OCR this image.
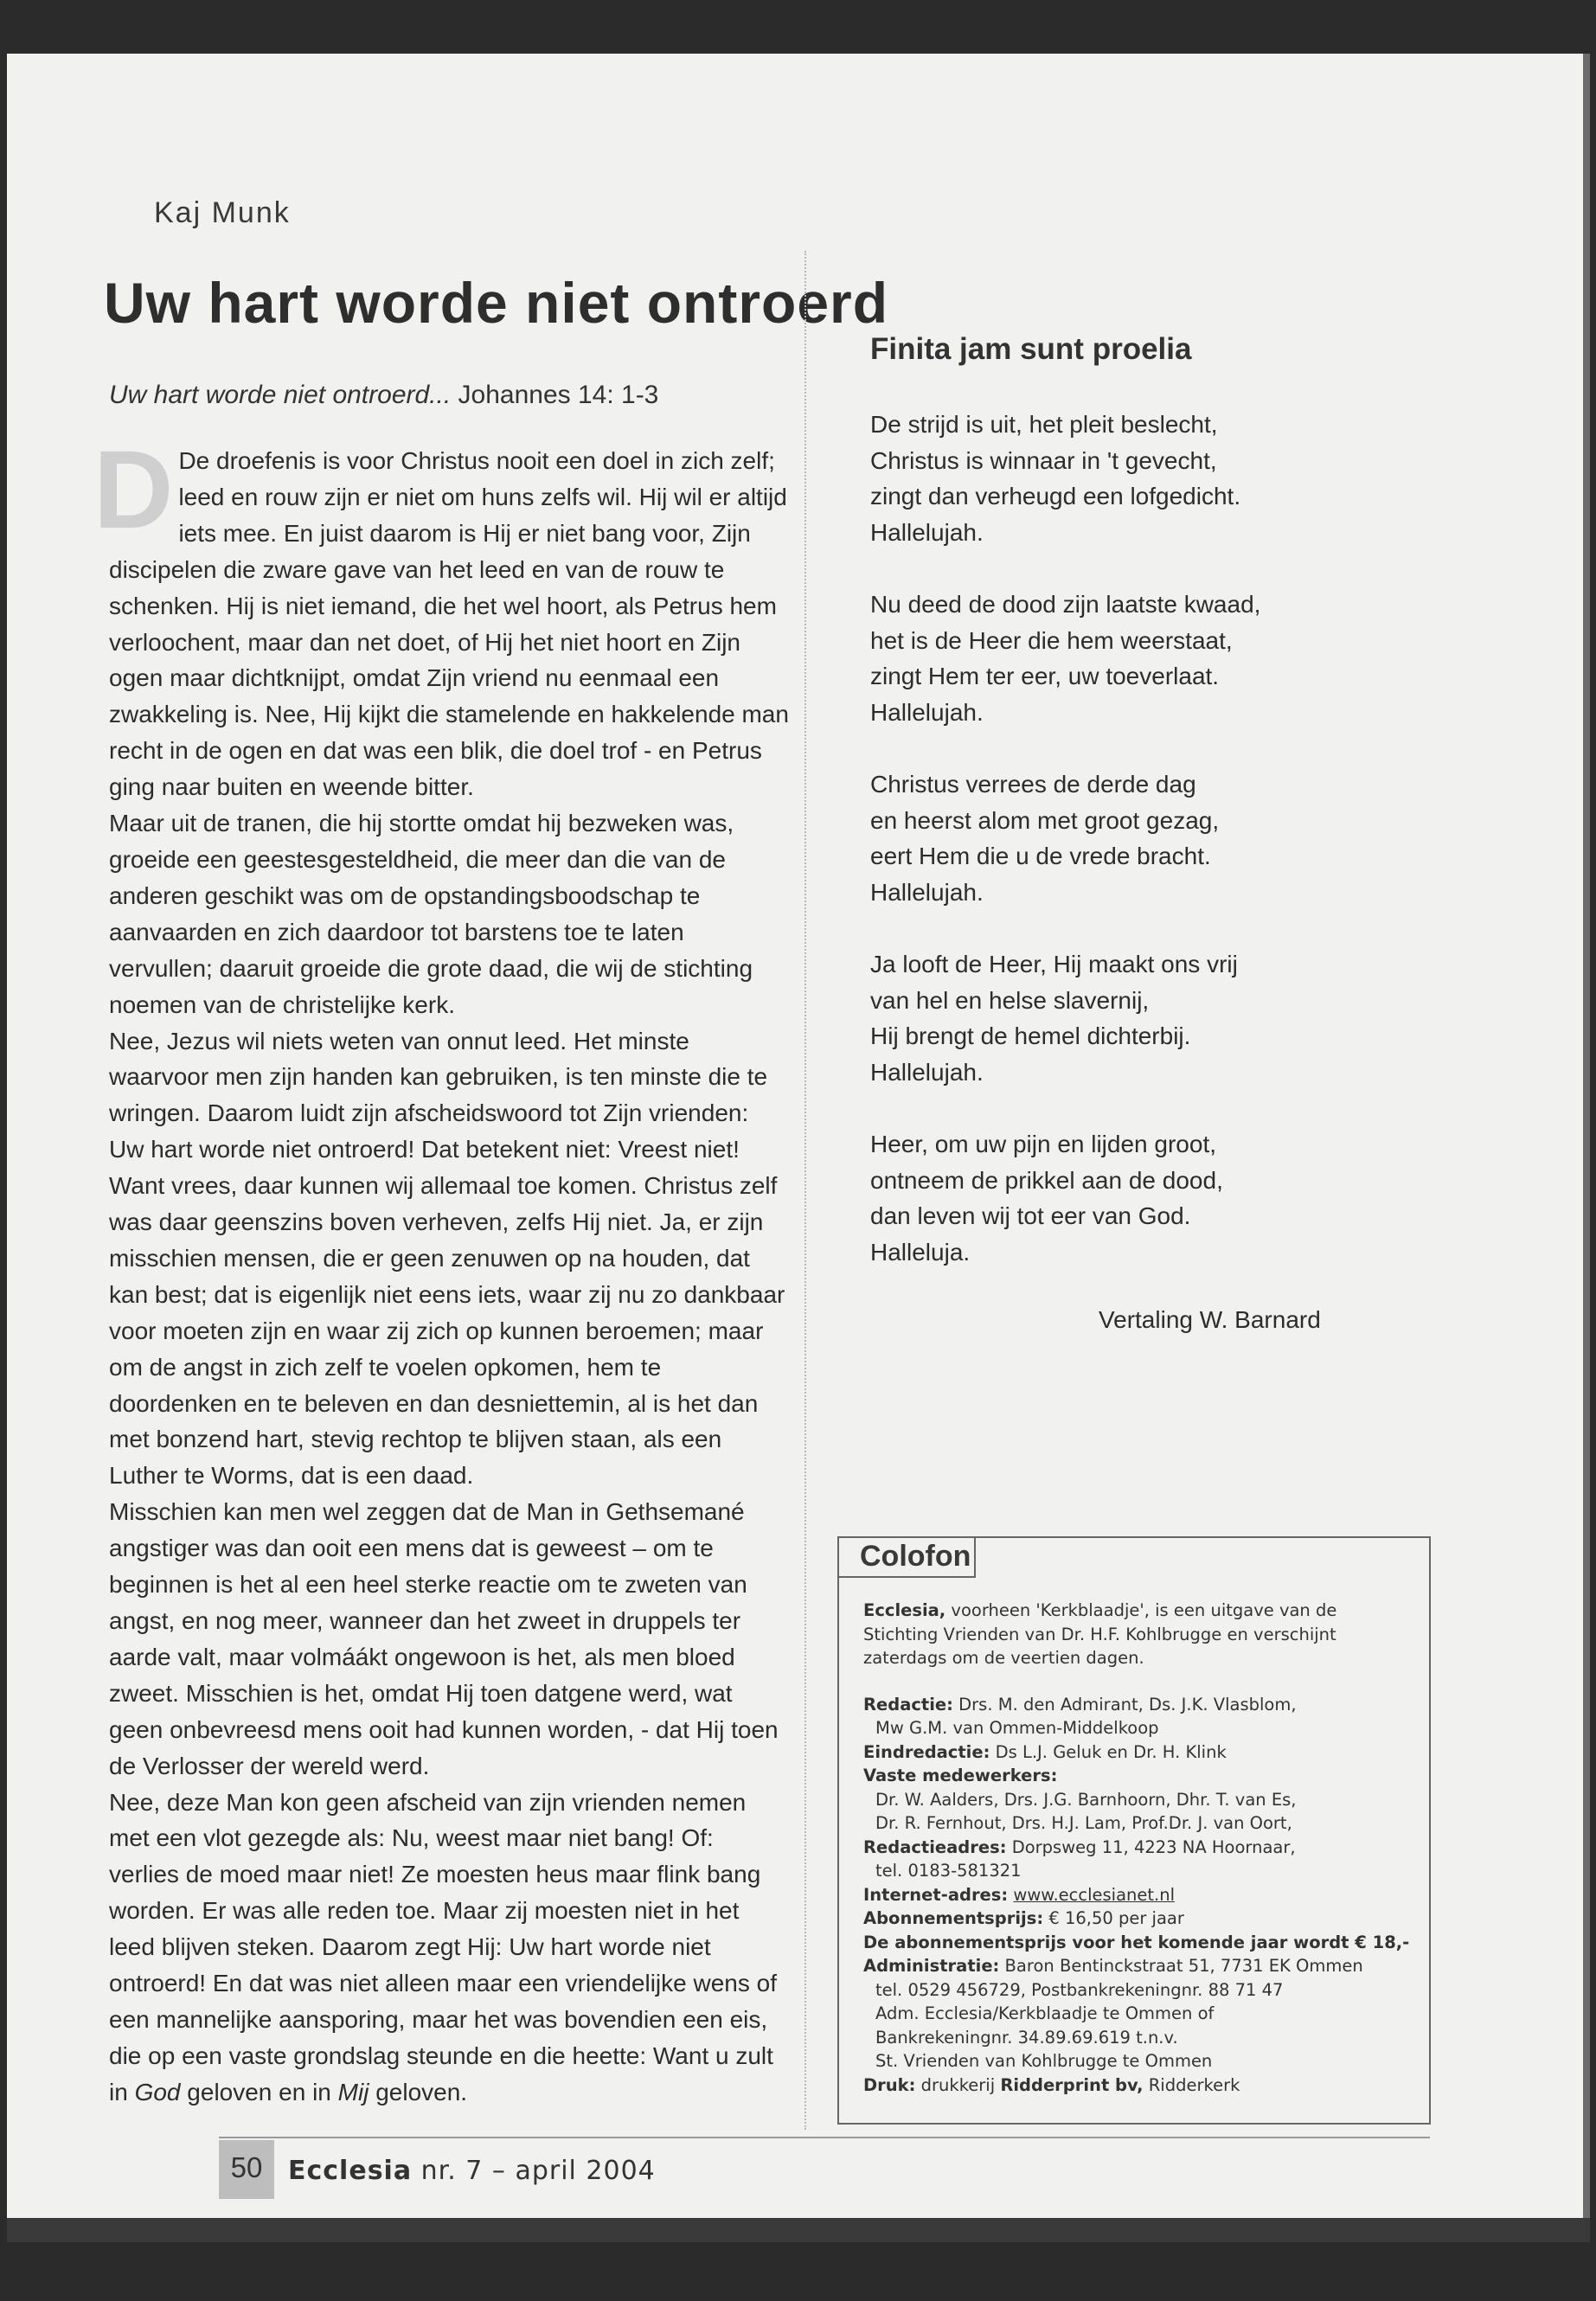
Kaj Munk
Uw hart worde niet ontroerd
Uw hart worde niet ontroerd... Johannes 14: 1-3
D De droefenis is voor Christus nooit een doel in zich zelf; leed en rouw zijn er niet om huns zelfs wil. Hij wil er altijd iets mee. En juist daarom is Hij er niet bang voor, Zijn discipelen die zware gave van het leed en van de rouw te schenken. Hij is niet iemand, die het wel hoort, als Petrus hem verloochent, maar dan net doet, of Hij het niet hoort en Zijn ogen maar dichtknijpt, omdat Zijn vriend nu eenmaal een zwakkeling is. Nee, Hij kijkt die stamelende en hakkelende man recht in de ogen en dat was een blik, die doel trof - en Petrus ging naar buiten en weende bitter.

Maar uit de tranen, die hij stortte omdat hij bezweken was, groeide een geestesgesteldheid, die meer dan die van de anderen geschikt was om de opstandingsboodschap te aanvaarden en zich daardoor tot barstens toe te laten vervullen; daaruit groeide die grote daad, die wij de stichting noemen van de christelijke kerk.

Nee, Jezus wil niets weten van onnut leed. Het minste waarvoor men zijn handen kan gebruiken, is ten minste die te wringen. Daarom luidt zijn afscheidswoord tot Zijn vrienden: Uw hart worde niet ontroerd! Dat betekent niet: Vreest niet! Want vrees, daar kunnen wij allemaal toe komen. Christus zelf was daar geenszins boven verheven, zelfs Hij niet. Ja, er zijn misschien mensen, die er geen zenuwen op na houden, dat kan best; dat is eigenlijk niet eens iets, waar zij nu zo dankbaar voor moeten zijn en waar zij zich op kunnen beroemen; maar om de angst in zich zelf te voelen opkomen, hem te doordenken en te beleven en dan desniettemin, al is het dan met bonzend hart, stevig rechtop te blijven staan, als een Luther te Worms, dat is een daad.

Misschien kan men wel zeggen dat de Man in Gethsemané angstiger was dan ooit een mens dat is geweest – om te beginnen is het al een heel sterke reactie om te zweten van angst, en nog meer, wanneer dan het zweet in druppels ter aarde valt, maar volmáákt ongewoon is het, als men bloed zweet. Misschien is het, omdat Hij toen datgene werd, wat geen onbevreesd mens ooit had kunnen worden, - dat Hij toen de Verlosser der wereld werd.

Nee, deze Man kon geen afscheid van zijn vrienden nemen met een vlot gezegde als: Nu, weest maar niet bang! Of: verlies de moed maar niet! Ze moesten heus maar flink bang worden. Er was alle reden toe. Maar zij moesten niet in het leed blijven steken. Daarom zegt Hij: Uw hart worde niet ontroerd! En dat was niet alleen maar een vriendelijke wens of een mannelijke aansporing, maar het was bovendien een eis, die op een vaste grondslag steunde en die heette: Want u zult in God geloven en in Mij geloven.

Finita jam sunt proelia
De strijd is uit, het pleit beslecht,
Christus is winnaar in 't gevecht,
zingt dan verheugd een lofgedicht.
Hallelujah.
Nu deed de dood zijn laatste kwaad,
het is de Heer die hem weerstaat,
zingt Hem ter eer, uw toeverlaat.
Hallelujah.
Christus verrees de derde dag
en heerst alom met groot gezag,
eert Hem die u de vrede bracht.
Hallelujah.
Ja looft de Heer, Hij maakt ons vrij
van hel en helse slavernij,
Hij brengt de hemel dichterbij.
Hallelujah.
Heer, om uw pijn en lijden groot,
ontneem de prikkel aan de dood,
dan leven wij tot eer van God.
Halleluja.
Vertaling W. Barnard
Colofon
Ecclesia, voorheen 'Kerkblaadje', is een uitgave van de
Stichting Vrienden van Dr. H.F. Kohlbrugge en verschijnt
zaterdags om de veertien dagen.
Redactie: Drs. M. den Admirant, Ds. J.K. Vlasblom,
Mw G.M. van Ommen-Middelkoop
Eindredactie: Ds L.J. Geluk en Dr. H. Klink
Vaste medewerkers:
Dr. W. Aalders, Drs. J.G. Barnhoorn, Dhr. T. van Es,
Dr. R. Fernhout, Drs. H.J. Lam, Prof.Dr. J. van Oort,
Redactieadres: Dorpsweg 11, 4223 NA Hoornaar,
tel. 0183-581321
Internet-adres: www.ecclesianet.nl
Abonnementsprijs: € 16,50 per jaar
De abonnementsprijs voor het komende jaar wordt € 18,-
Administratie: Baron Bentinckstraat 51, 7731 EK Ommen
tel. 0529 456729, Postbankrekeningnr. 88 71 47
Adm. Ecclesia/Kerkblaadje te Ommen of
Bankrekeningnr. 34.89.69.619 t.n.v.
St. Vrienden van Kohlbrugge te Ommen
Druk: drukkerij Ridderprint bv, Ridderkerk
50 Ecclesia nr. 7 – april 2004
